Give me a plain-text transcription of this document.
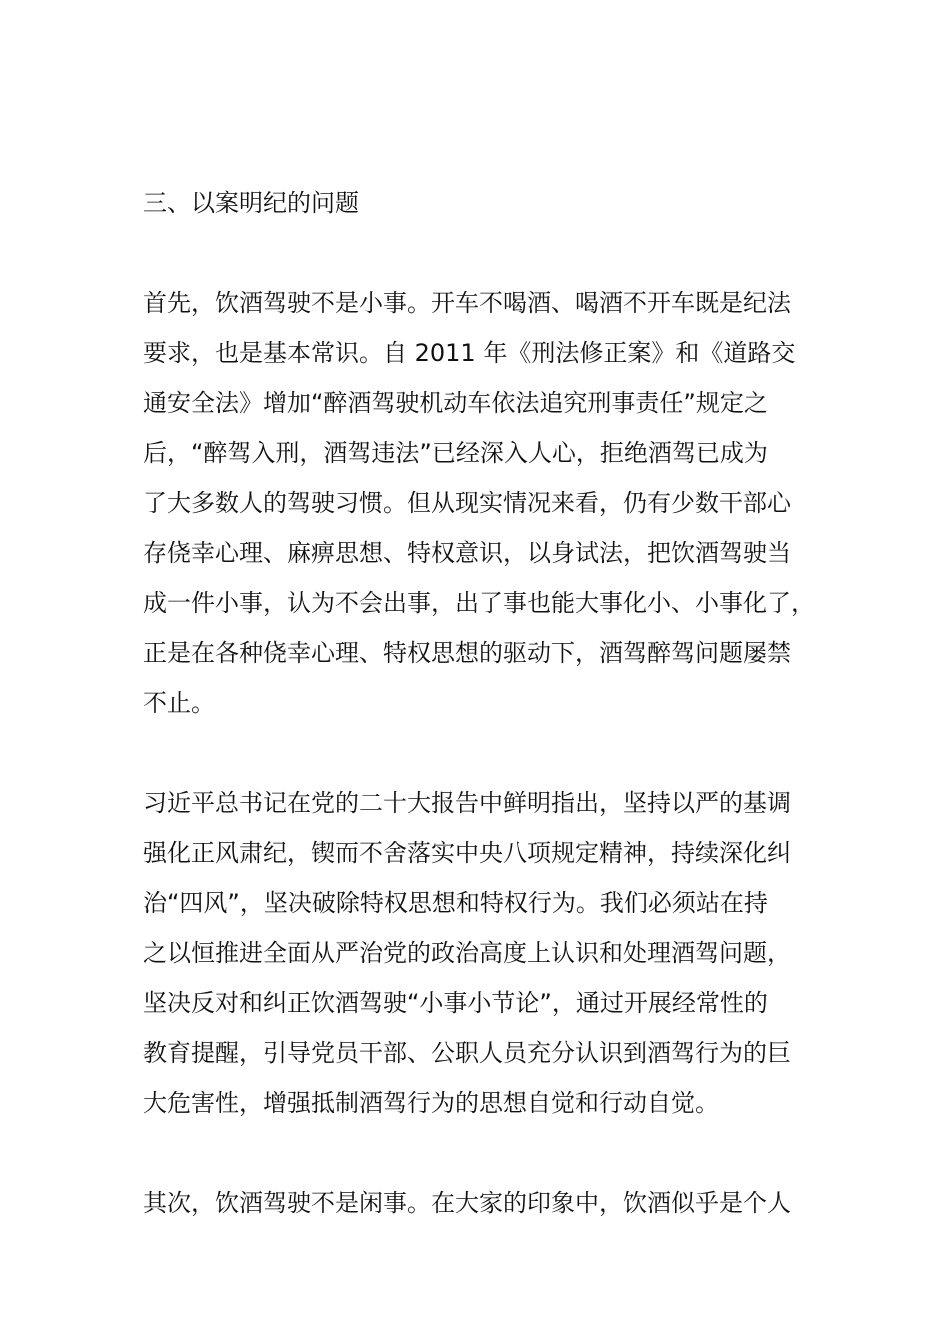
三、以案明纪的问题
首先，饮酒驾驶不是小事。开车不喝酒、喝酒不开车既是纪法
要求，也是基本常识。自 2011 年《刑法修正案》和《道路交
通安全法》增加“醉酒驾驶机动车依法追究刑事责任”规定之
后，“醉驾入刑，酒驾违法”已经深入人心，拒绝酒驾已成为
了大多数人的驾驶习惯。但从现实情况来看，仍有少数干部心
存侥幸心理、麻痹思想、特权意识，以身试法，把饮酒驾驶当
成一件小事，认为不会出事，出了事也能大事化小、小事化了，
正是在各种侥幸心理、特权思想的驱动下，酒驾醉驾问题屡禁
不止。
习近平总书记在党的二十大报告中鲜明指出，坚持以严的基调
强化正风肃纪，锲而不舍落实中央八项规定精神，持续深化纠
治“四风”，坚决破除特权思想和特权行为。我们必须站在持
之以恒推进全面从严治党的政治高度上认识和处理酒驾问题，
坚决反对和纠正饮酒驾驶“小事小节论”，通过开展经常性的
教育提醒，引导党员干部、公职人员充分认识到酒驾行为的巨
大危害性，增强抵制酒驾行为的思想自觉和行动自觉。
其次，饮酒驾驶不是闲事。在大家的印象中，饮酒似乎是个人
